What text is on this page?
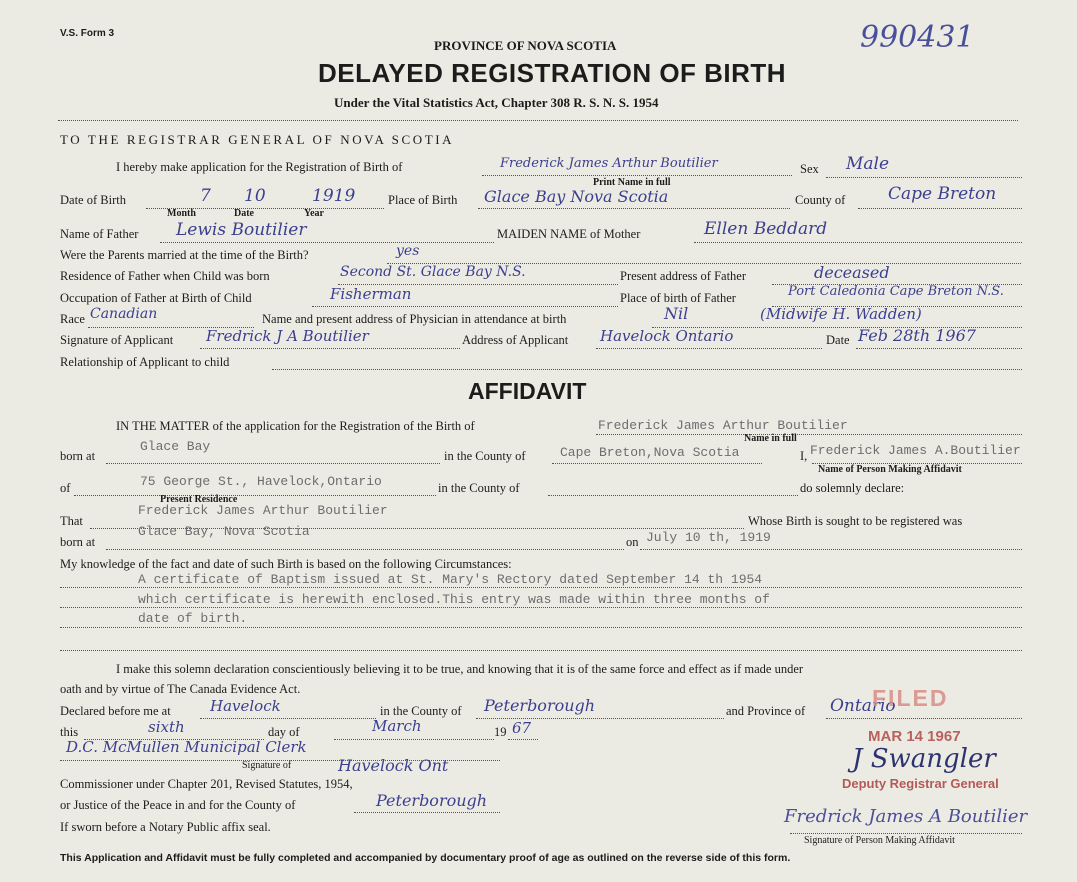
V.S. Form 3	990431
PROVINCE OF NOVA SCOTIA
DELAYED REGISTRATION OF BIRTH
Under the Vital Statistics Act, Chapter 308 R. S. N. S. 1954
TO THE REGISTRAR GENERAL OF NOVA SCOTIA
I hereby make application for the Registration of Birth of	Frederick James Arthur Boutilier
Print Name in full
Sex Male
Date of Birth	7 10	1919
Month	Date	Year
Place of Birth Glace Bay Nova Scotia	County of	Cape Breton
Name of Father Lewis Boutilier	MAIDEN NAME of Mother	Ellen Beddard
Were the Parents married at the time of the Birth?	yes
Residence of Father when Child was born	Second St. Glace Bay N.S.	Present address of Father	deceased
Occupation of Father at Birth of Child	Fisherman	Place of birth of Father	Port Caledonia Cape Breton N.S.
Race Canadian	Name and present address of Physician in attendance at birth	Nil	(Midwife H. Wadden)
Signature of Applicant Fredrick J A Boutilier	Address of Applicant Havelock Ontario	Date Feb 28th 1967
Relationship of Applicant to child
AFFIDAVIT
IN THE MATTER of the application for the Registration of the Birth of	Frederick James Arthur Boutilier
Name in full
born at
Glace Bay
in the County of	Cape Breton,Nova Scotia	I, Frederick James A.Boutilier
Name of Person Making Affidavit
of	75 George St., Havelock,Ontario
Present Residence
in the County of	do solemnly declare:
That
Frederick James Arthur Boutilier
Whose Birth is sought to be registered was
born at
Glace Bay, Nova Scotia
on July 10 th, 1919
My knowledge of the fact and date of such Birth is based on the following Circumstances:
A certificate of Baptism issued at St. Mary's Rectory dated September 14 th 1954
which certificate is herewith enclosed.This entry was made within three months of
date of birth.
I make this solemn declaration conscientiously believing it to be true, and knowing that it is of the same force and effect as if made under
oath and by virtue of The Canada Evidence Act.
Declared before me at	Havelock	in the County of Peterborough	and Province of Ontario
this	sixth	day of	March	19 67
D.C. McMullen Municipal Clerk
Signature of	Havelock Ont
Commissioner under Chapter 201, Revised Statutes, 1954,
or Justice of the Peace in and for the County of	Peterborough
If sworn before a Notary Public affix seal.
FILED
MAR 14 1967
J Swangler
Deputy Registrar General
Fredrick James A Boutilier
Signature of Person Making Affidavit
This Application and Affidavit must be fully completed and accompanied by documentary proof of age as outlined on the reverse side of this form.
